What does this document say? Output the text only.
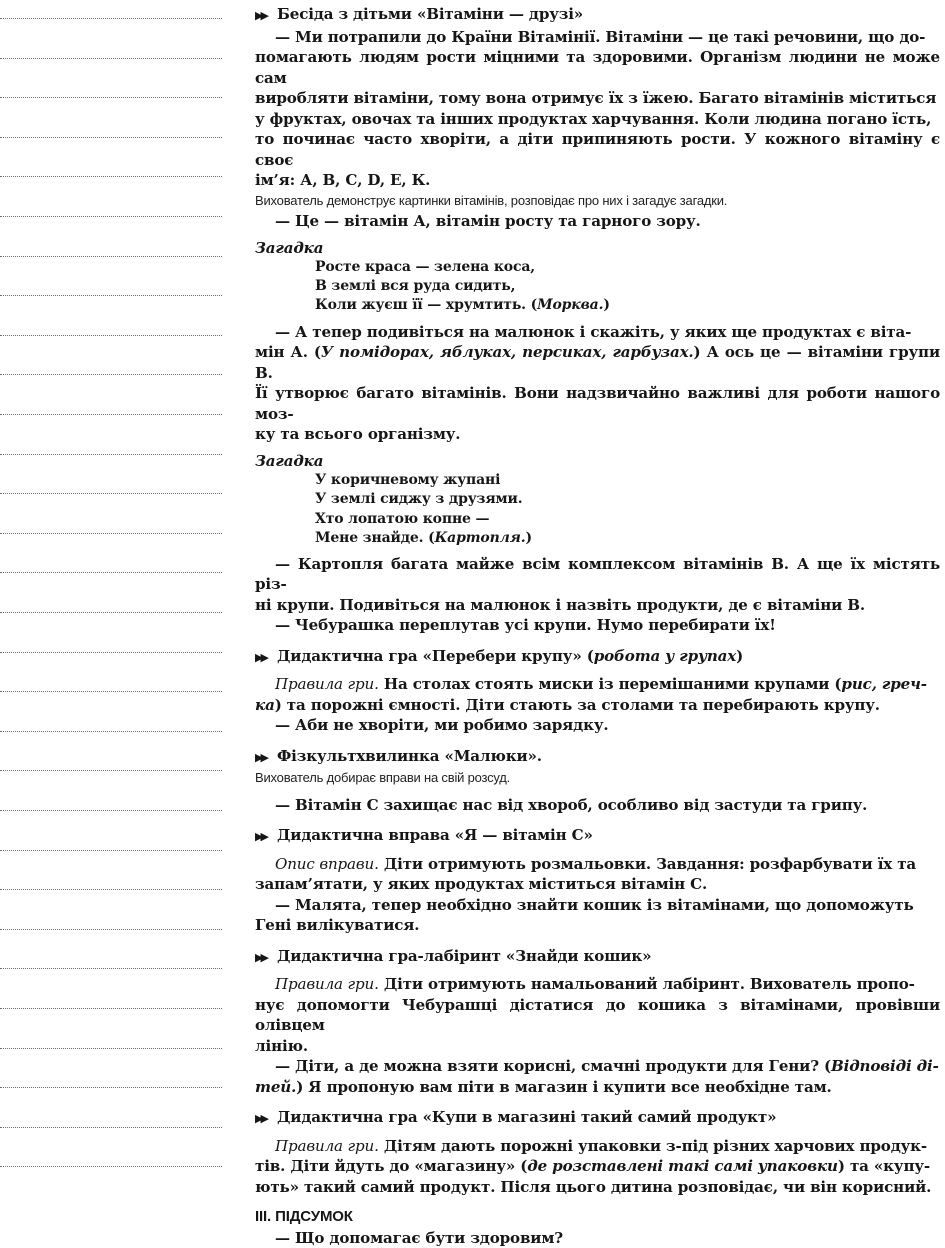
▶▶ Бесіда з дітьми «Вітаміни — друзі»

— Ми потрапили до Країни Вітамінії. Вітаміни — це такі речовини, що до-
помагають людям рости міцними та здоровими. Організм людини не може сам
виробляти вітаміни, тому вона отримує їх з їжею. Багато вітамінів міститься
у фруктах, овочах та інших продуктах харчування. Коли людина погано їсть,
то починає часто хворіти, а діти припиняють рости. У кожного вітаміну є своє
ім’я: А, В, С, D, Е, К.

Вихователь демонструє картинки вітамінів, розповідає про них і загадує загадки.

— Це — вітамін А, вітамін росту та гарного зору.

Загадка

Росте краса — зелена коса,
В землі вся руда сидить,
Коли жуєш її — хрумтить. (Морква.)
— А тепер подивіться на малюнок і скажіть, у яких ще продуктах є віта-
мін А. (У помідорах, яблуках, персиках, гарбузах.) А ось це — вітаміни групи В.
Її утворює багато вітамінів. Вони надзвичайно важливі для роботи нашого моз-
ку та всього організму.

Загадка

У коричневому жупані
У землі сиджу з друзями.
Хто лопатою копне —
Мене знайде. (Картопля.)
— Картопля багата майже всім комплексом вітамінів В. А ще їх містять різ-
ні крупи. Подивіться на малюнок і назвіть продукти, де є вітаміни В.
— Чебурашка переплутав усі крупи. Нумо перебирати їх!

▶▶ Дидактична гра «Перебери крупу» (робота у групах)

Правила гри. На столах стоять миски із перемішаними крупами (рис, греч-
ка) та порожні ємності. Діти стають за столами та перебирають крупу.
— Аби не хворіти, ми робимо зарядку.

▶▶ Фізкультхвилинка «Малюки».

Вихователь добирає вправи на свій розсуд.

— Вітамін С захищає нас від хвороб, особливо від застуди та грипу.

▶▶ Дидактична вправа «Я — вітамін С»

Опис вправи. Діти отримують розмальовки. Завдання: розфарбувати їх та
запам’ятати, у яких продуктах міститься вітамін С.
— Малята, тепер необхідно знайти кошик із вітамінами, що допоможуть
Гені вилікуватися.

▶▶ Дидактична гра-лабіринт «Знайди кошик»

Правила гри. Діти отримують намальований лабіринт. Вихователь пропо-
нує допомогти Чебурашці дістатися до кошика з вітамінами, провівши олівцем
лінію.
— Діти, а де можна взяти корисні, смачні продукти для Гени? (Відповіді ді-
тей.) Я пропоную вам піти в магазин і купити все необхідне там.

▶▶ Дидактична гра «Купи в магазині такий самий продукт»

Правила гри. Дітям дають порожні упаковки з-під різних харчових продук-
тів. Діти йдуть до «магазину» (де розставлені такі самі упаковки) та «купу-
ють» такий самий продукт. Після цього дитина розповідає, чи він корисний.

ІІІ. ПІДСУМОК

— Що допомагає бути здоровим?
